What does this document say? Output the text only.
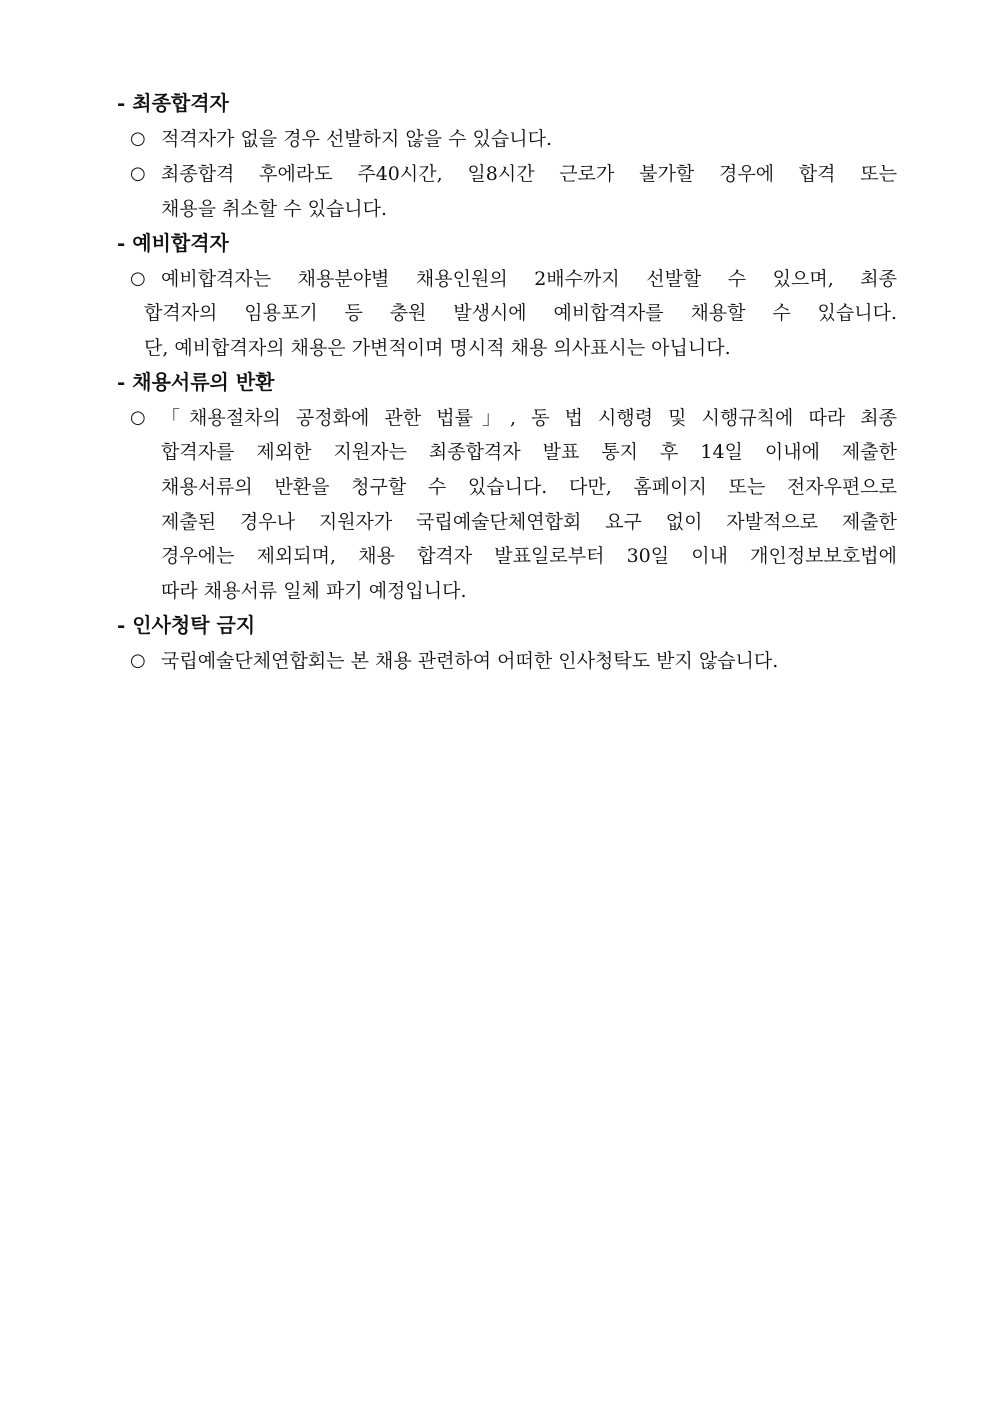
- 최종합격자
○ 적격자가 없을 경우 선발하지 않을 수 있습니다.
○ 최종합격 후에라도 주40시간, 일8시간 근로가 불가할 경우에 합격 또는
채용을 취소할 수 있습니다.
- 예비합격자
○ 예비합격자는 채용분야별 채용인원의 2배수까지 선발할 수 있으며, 최종
합격자의 임용포기 등 충원 발생시에 예비합격자를 채용할 수 있습니다.
단, 예비합격자의 채용은 가변적이며 명시적 채용 의사표시는 아닙니다.
- 채용서류의 반환
○ 「채용절차의 공정화에 관한 법률」, 동 법 시행령 및 시행규칙에 따라 최종
합격자를 제외한 지원자는 최종합격자 발표 통지 후 14일 이내에 제출한
채용서류의 반환을 청구할 수 있습니다. 다만, 홈페이지 또는 전자우편으로
제출된 경우나 지원자가 국립예술단체연합회 요구 없이 자발적으로 제출한
경우에는 제외되며, 채용 합격자 발표일로부터 30일 이내 개인정보보호법에
따라 채용서류 일체 파기 예정입니다.
- 인사청탁 금지
○ 국립예술단체연합회는 본 채용 관련하여 어떠한 인사청탁도 받지 않습니다.
